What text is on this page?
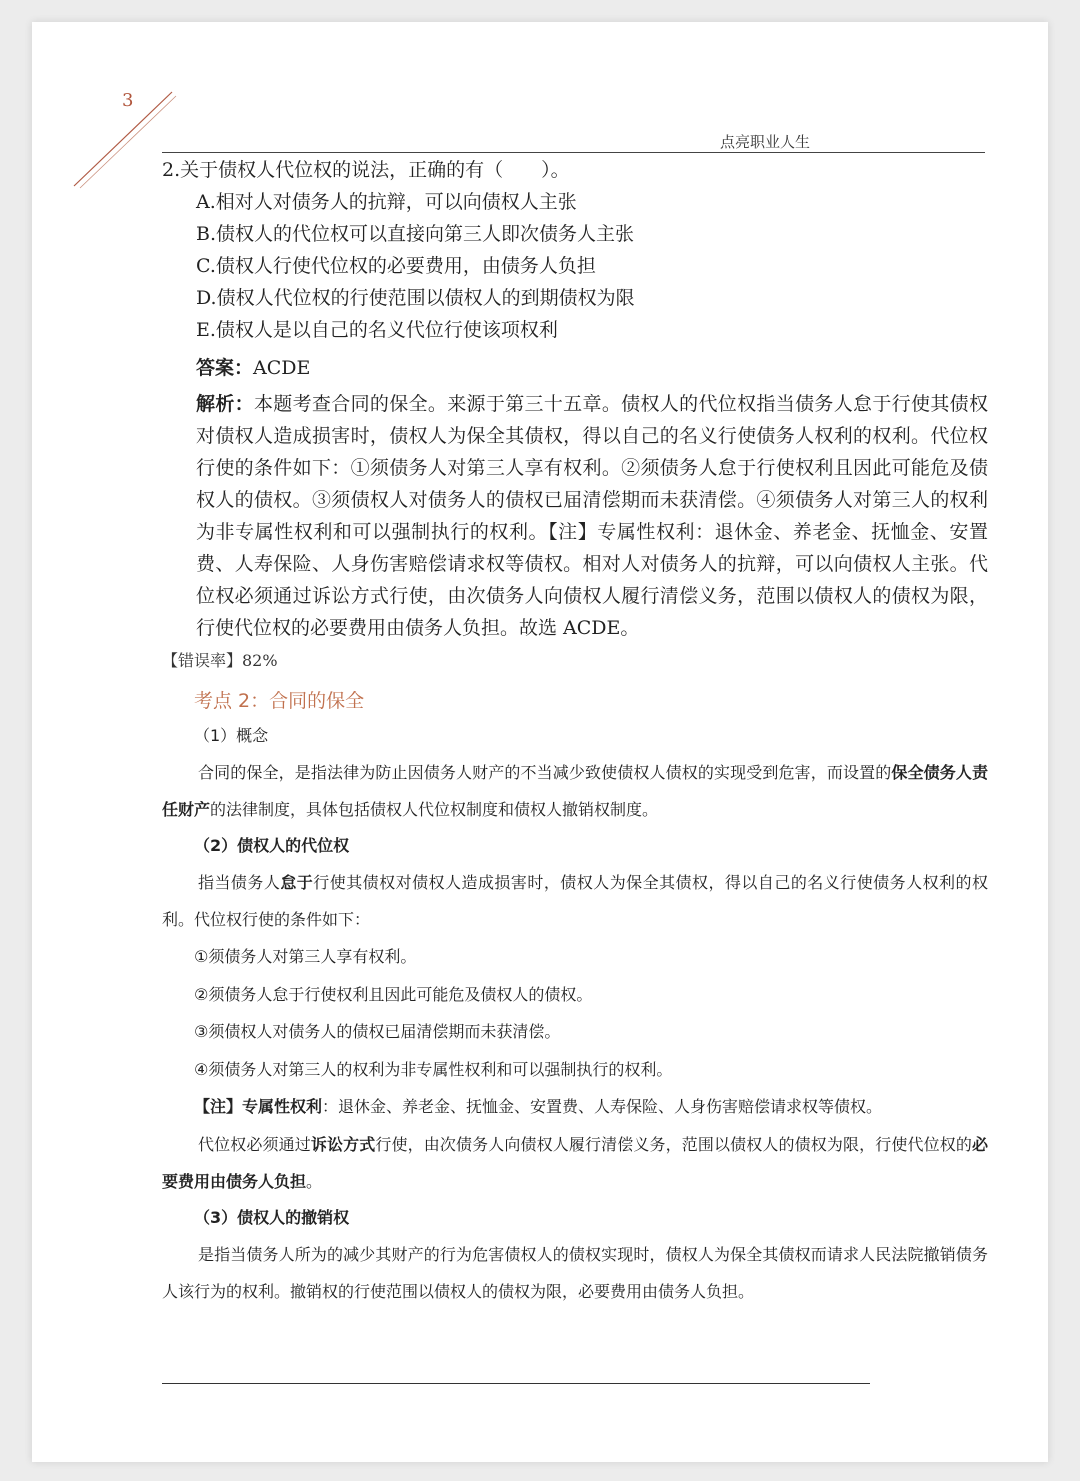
3
点亮职业人生
2.关于债权人代位权的说法，正确的有（　　）。
A.相对人对债务人的抗辩，可以向债权人主张
B.债权人的代位权可以直接向第三人即次债务人主张
C.债权人行使代位权的必要费用，由债务人负担
D.债权人代位权的行使范围以债权人的到期债权为限
E.债权人是以自己的名义代位行使该项权利
答案：ACDE
解析：本题考查合同的保全。来源于第三十五章。债权人的代位权指当债务人怠于行使其债权对债权人造成损害时，债权人为保全其债权，得以自己的名义行使债务人权利的权利。代位权行使的条件如下：①须债务人对第三人享有权利。②须债务人怠于行使权利且因此可能危及债权人的债权。③须债权人对债务人的债权已届清偿期而未获清偿。④须债务人对第三人的权利为非专属性权利和可以强制执行的权利。【注】专属性权利：退休金、养老金、抚恤金、安置费、人寿保险、人身伤害赔偿请求权等债权。相对人对债务人的抗辩，可以向债权人主张。代位权必须通过诉讼方式行使，由次债务人向债权人履行清偿义务，范围以债权人的债权为限，行使代位权的必要费用由债务人负担。故选 ACDE。
【错误率】82%
考点 2：合同的保全
（1）概念
合同的保全，是指法律为防止因债务人财产的不当减少致使债权人债权的实现受到危害，而设置的保全债务人责任财产的法律制度，具体包括债权人代位权制度和债权人撤销权制度。
（2）债权人的代位权
指当债务人怠于行使其债权对债权人造成损害时，债权人为保全其债权，得以自己的名义行使债务人权利的权利。代位权行使的条件如下：
①须债务人对第三人享有权利。
②须债务人怠于行使权利且因此可能危及债权人的债权。
③须债权人对债务人的债权已届清偿期而未获清偿。
④须债务人对第三人的权利为非专属性权利和可以强制执行的权利。
【注】专属性权利：退休金、养老金、抚恤金、安置费、人寿保险、人身伤害赔偿请求权等债权。
代位权必须通过诉讼方式行使，由次债务人向债权人履行清偿义务，范围以债权人的债权为限，行使代位权的必要费用由债务人负担。
（3）债权人的撤销权
是指当债务人所为的减少其财产的行为危害债权人的债权实现时，债权人为保全其债权而请求人民法院撤销债务人该行为的权利。撤销权的行使范围以债权人的债权为限，必要费用由债务人负担。
